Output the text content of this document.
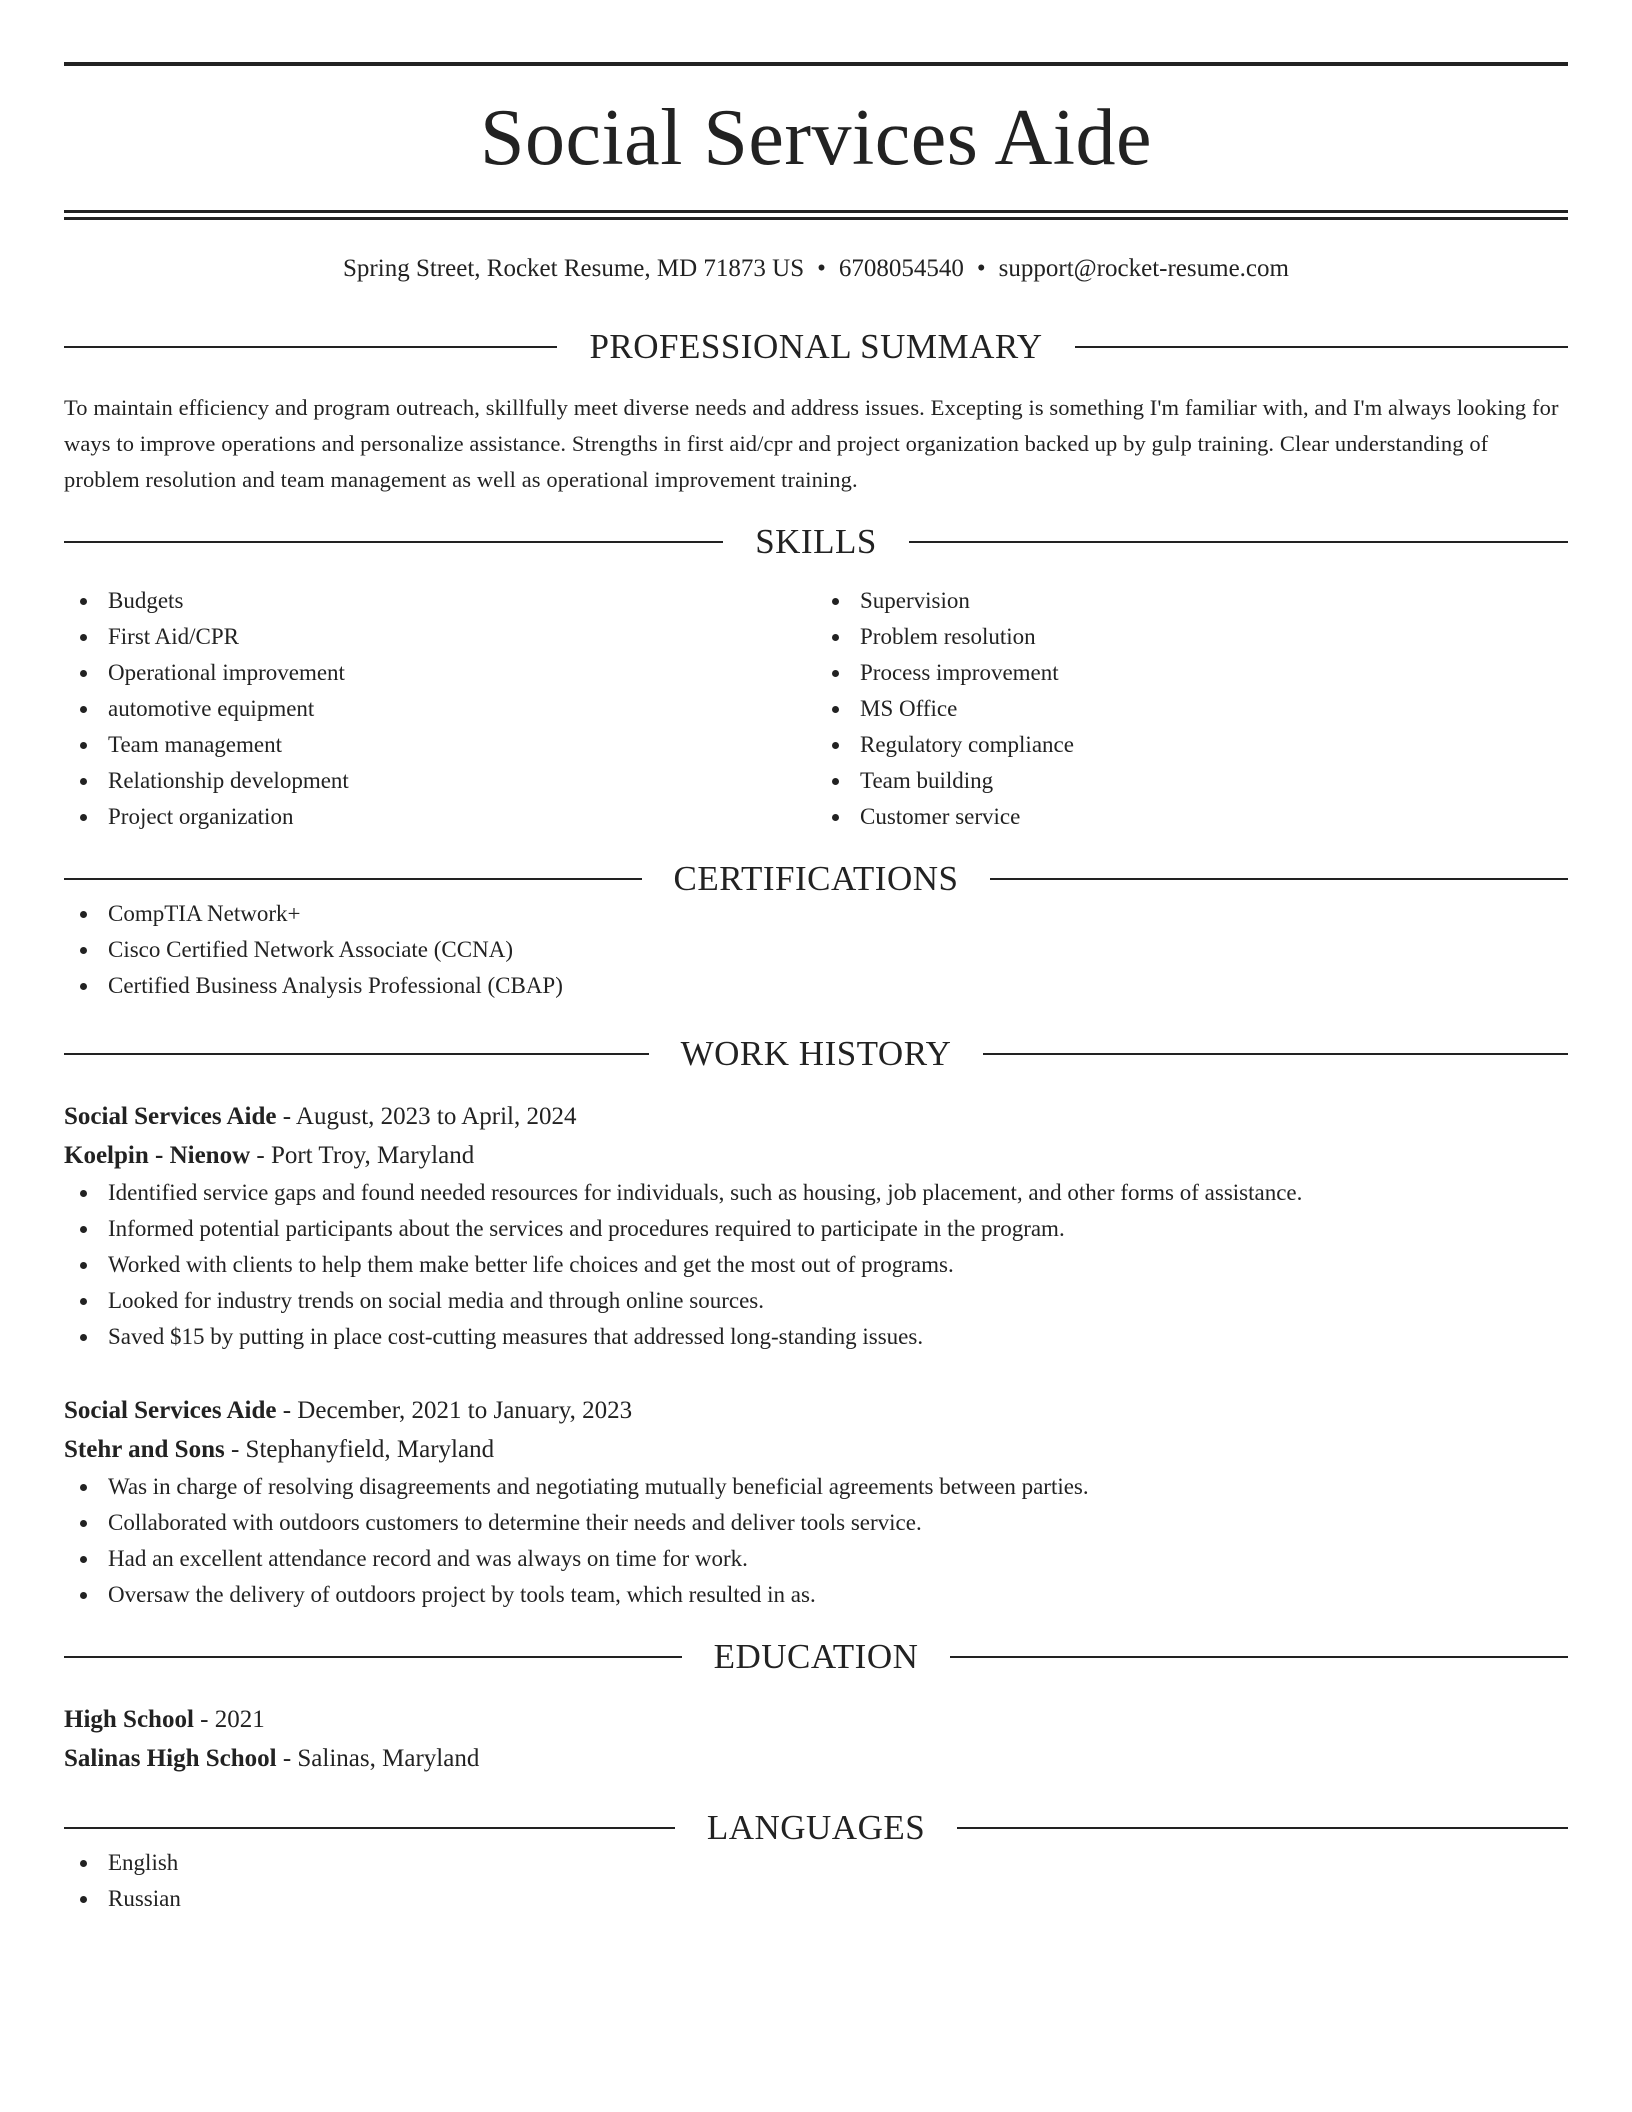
Social Services Aide
Spring Street, Rocket Resume, MD 71873 US • 6708054540 • support@rocket-resume.com
PROFESSIONAL SUMMARY
To maintain efficiency and program outreach, skillfully meet diverse needs and address issues. Excepting is something I'm familiar with, and I'm always looking for ways to improve operations and personalize assistance. Strengths in first aid/cpr and project organization backed up by gulp training. Clear understanding of problem resolution and team management as well as operational improvement training.
SKILLS
Budgets
First Aid/CPR
Operational improvement
automotive equipment
Team management
Relationship development
Project organization
Supervision
Problem resolution
Process improvement
MS Office
Regulatory compliance
Team building
Customer service
CERTIFICATIONS
CompTIA Network+
Cisco Certified Network Associate (CCNA)
Certified Business Analysis Professional (CBAP)
WORK HISTORY
Social Services Aide - August, 2023 to April, 2024
Koelpin - Nienow - Port Troy, Maryland
Identified service gaps and found needed resources for individuals, such as housing, job placement, and other forms of assistance.
Informed potential participants about the services and procedures required to participate in the program.
Worked with clients to help them make better life choices and get the most out of programs.
Looked for industry trends on social media and through online sources.
Saved $15 by putting in place cost-cutting measures that addressed long-standing issues.
Social Services Aide - December, 2021 to January, 2023
Stehr and Sons - Stephanyfield, Maryland
Was in charge of resolving disagreements and negotiating mutually beneficial agreements between parties.
Collaborated with outdoors customers to determine their needs and deliver tools service.
Had an excellent attendance record and was always on time for work.
Oversaw the delivery of outdoors project by tools team, which resulted in as.
EDUCATION
High School - 2021
Salinas High School - Salinas, Maryland
LANGUAGES
English
Russian
